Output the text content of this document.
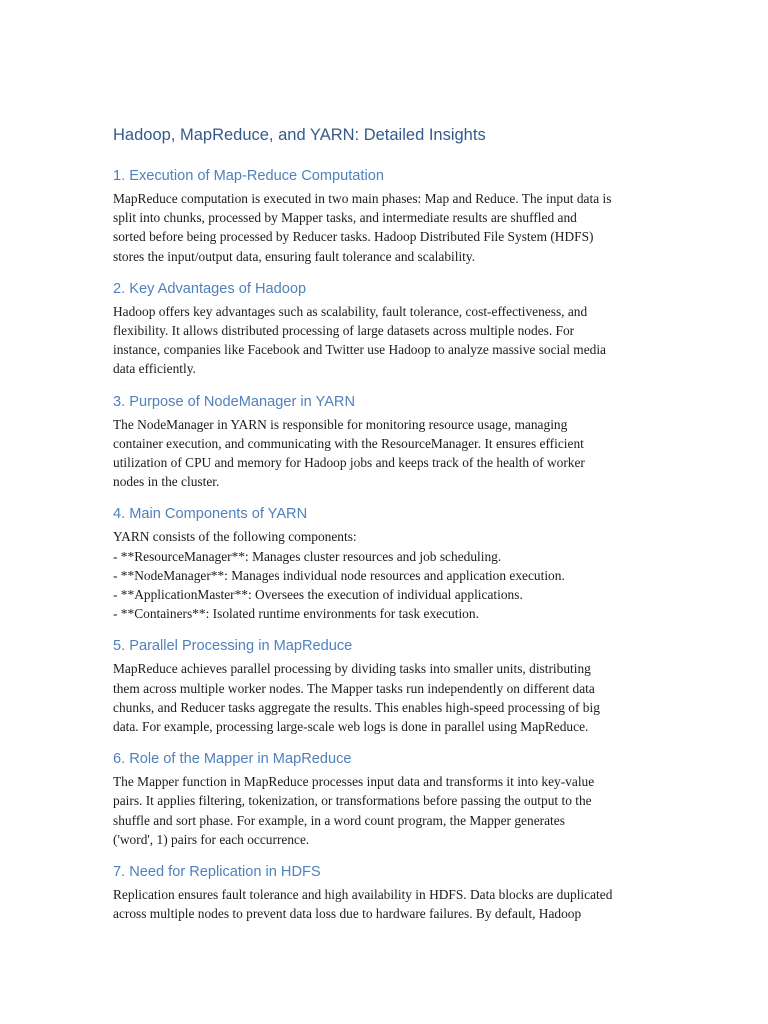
Hadoop, MapReduce, and YARN: Detailed Insights
1. Execution of Map-Reduce Computation

MapReduce computation is executed in two main phases: Map and Reduce. The input data is
split into chunks, processed by Mapper tasks, and intermediate results are shuffled and
sorted before being processed by Reducer tasks. Hadoop Distributed File System (HDFS)
stores the input/output data, ensuring fault tolerance and scalability.

2. Key Advantages of Hadoop

Hadoop offers key advantages such as scalability, fault tolerance, cost-effectiveness, and
flexibility. It allows distributed processing of large datasets across multiple nodes. For
instance, companies like Facebook and Twitter use Hadoop to analyze massive social media
data efficiently.

3. Purpose of NodeManager in YARN

The NodeManager in YARN is responsible for monitoring resource usage, managing
container execution, and communicating with the ResourceManager. It ensures efficient
utilization of CPU and memory for Hadoop jobs and keeps track of the health of worker
nodes in the cluster.

4. Main Components of YARN

YARN consists of the following components:
- **ResourceManager**: Manages cluster resources and job scheduling.
- **NodeManager**: Manages individual node resources and application execution.
- **ApplicationMaster**: Oversees the execution of individual applications.
- **Containers**: Isolated runtime environments for task execution.

5. Parallel Processing in MapReduce

MapReduce achieves parallel processing by dividing tasks into smaller units, distributing
them across multiple worker nodes. The Mapper tasks run independently on different data
chunks, and Reducer tasks aggregate the results. This enables high-speed processing of big
data. For example, processing large-scale web logs is done in parallel using MapReduce.

6. Role of the Mapper in MapReduce

The Mapper function in MapReduce processes input data and transforms it into key-value
pairs. It applies filtering, tokenization, or transformations before passing the output to the
shuffle and sort phase. For example, in a word count program, the Mapper generates
('word', 1) pairs for each occurrence.

7. Need for Replication in HDFS

Replication ensures fault tolerance and high availability in HDFS. Data blocks are duplicated
across multiple nodes to prevent data loss due to hardware failures. By default, Hadoop
